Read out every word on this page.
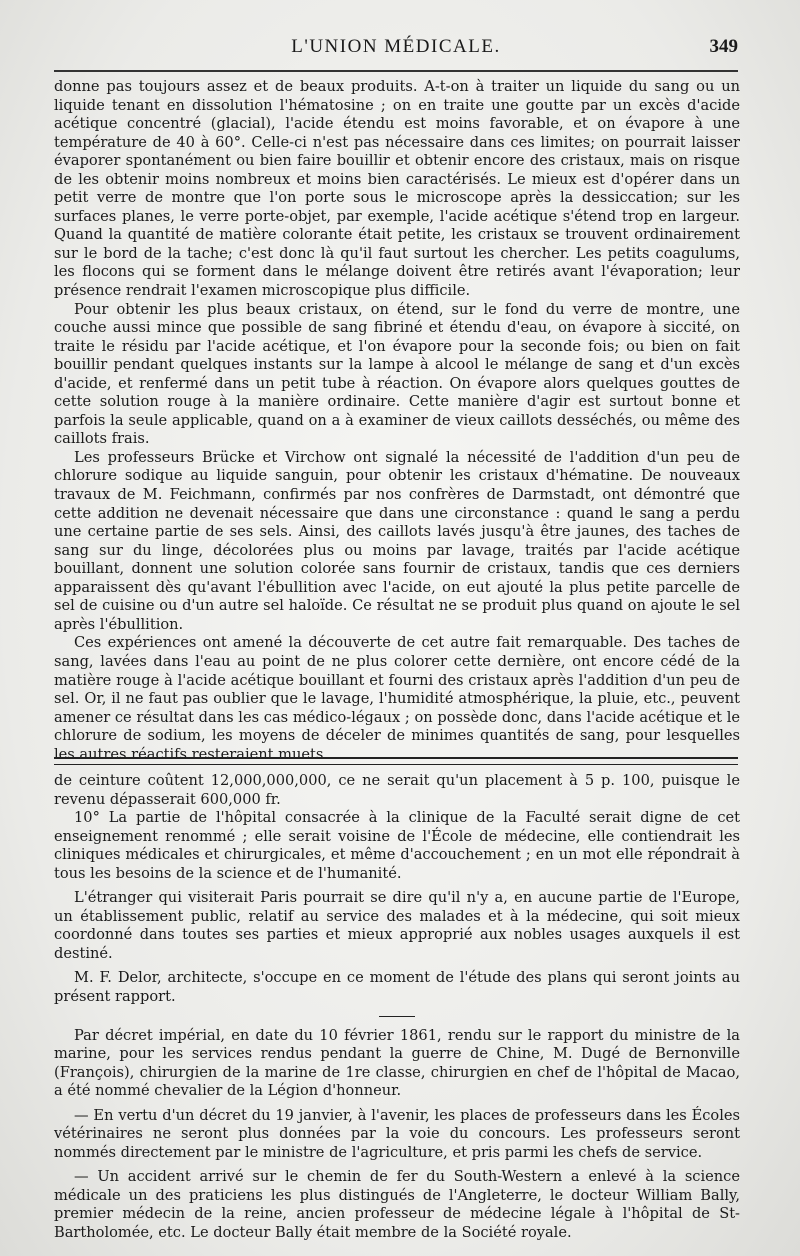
L'UNION MÉDICALE.	349

donne pas toujours assez et de beaux produits. A-t-on à traiter un liquide du sang ou un liquide tenant en dissolution l'hématosine ; on en traite une goutte par un excès d'acide acétique concentré (glacial), l'acide étendu est moins favorable, et on évapore à une température de 40 à 60°. Celle-ci n'est pas nécessaire dans ces limites; on pourrait laisser évaporer spontanément ou bien faire bouillir et obtenir encore des cristaux, mais on risque de les obtenir moins nombreux et moins bien caractérisés. Le mieux est d'opérer dans un petit verre de montre que l'on porte sous le microscope après la dessiccation; sur les surfaces planes, le verre porte-objet, par exemple, l'acide acétique s'étend trop en largeur. Quand la quantité de matière colorante était petite, les cristaux se trouvent ordinairement sur le bord de la tache; c'est donc là qu'il faut surtout les chercher. Les petits coagulums, les flocons qui se forment dans le mélange doivent être retirés avant l'évaporation; leur présence rendrait l'examen microscopique plus difficile.

Pour obtenir les plus beaux cristaux, on étend, sur le fond du verre de montre, une couche aussi mince que possible de sang fibriné et étendu d'eau, on évapore à siccité, on traite le résidu par l'acide acétique, et l'on évapore pour la seconde fois; ou bien on fait bouillir pendant quelques instants sur la lampe à alcool le mélange de sang et d'un excès d'acide, et renfermé dans un petit tube à réaction. On évapore alors quelques gouttes de cette solution rouge à la manière ordinaire. Cette manière d'agir est surtout bonne et parfois la seule applicable, quand on a à examiner de vieux caillots desséchés, ou même des caillots frais.

Les professeurs Brücke et Virchow ont signalé la nécessité de l'addition d'un peu de chlorure sodique au liquide sanguin, pour obtenir les cristaux d'hématine. De nouveaux travaux de M. Feichmann, confirmés par nos confrères de Darmstadt, ont démontré que cette addition ne devenait nécessaire que dans une circonstance : quand le sang a perdu une certaine partie de ses sels. Ainsi, des caillots lavés jusqu'à être jaunes, des taches de sang sur du linge, décolorées plus ou moins par lavage, traités par l'acide acétique bouillant, donnent une solution colorée sans fournir de cristaux, tandis que ces derniers apparaissent dès qu'avant l'ébullition avec l'acide, on eut ajouté la plus petite parcelle de sel de cuisine ou d'un autre sel haloïde. Ce résultat ne se produit plus quand on ajoute le sel après l'ébullition.

Ces expériences ont amené la découverte de cet autre fait remarquable. Des taches de sang, lavées dans l'eau au point de ne plus colorer cette dernière, ont encore cédé de la matière rouge à l'acide acétique bouillant et fourni des cristaux après l'addition d'un peu de sel. Or, il ne faut pas oublier que le lavage, l'humidité atmosphérique, la pluie, etc., peuvent amener ce résultat dans les cas médico-légaux ; on possède donc, dans l'acide acétique et le chlorure de sodium, les moyens de déceler de minimes quantités de sang, pour lesquelles les autres réactifs resteraient muets.

de ceinture coûtent 12,000,000,000, ce ne serait qu'un placement à 5 p. 100, puisque le revenu dépasserait 600,000 fr.

10° La partie de l'hôpital consacrée à la clinique de la Faculté serait digne de cet enseignement renommé ; elle serait voisine de l'École de médecine, elle contiendrait les cliniques médicales et chirurgicales, et même d'accouchement ; en un mot elle répondrait à tous les besoins de la science et de l'humanité.

L'étranger qui visiterait Paris pourrait se dire qu'il n'y a, en aucune partie de l'Europe, un établissement public, relatif au service des malades et à la médecine, qui soit mieux coordonné dans toutes ses parties et mieux approprié aux nobles usages auxquels il est destiné.

M. F. Delor, architecte, s'occupe en ce moment de l'étude des plans qui seront joints au présent rapport.

Par décret impérial, en date du 10 février 1861, rendu sur le rapport du ministre de la marine, pour les services rendus pendant la guerre de Chine, M. Dugé de Bernonville (François), chirurgien de la marine de 1re classe, chirurgien en chef de l'hôpital de Macao, a été nommé chevalier de la Légion d'honneur.

— En vertu d'un décret du 19 janvier, à l'avenir, les places de professeurs dans les Écoles vétérinaires ne seront plus données par la voie du concours. Les professeurs seront nommés directement par le ministre de l'agriculture, et pris parmi les chefs de service.

— Un accident arrivé sur le chemin de fer du South-Western a enlevé à la science médicale un des praticiens les plus distingués de l'Angleterre, le docteur William Bally, premier médecin de la reine, ancien professeur de médecine légale à l'hôpital de St-Bartholomée, etc. Le docteur Bally était membre de la Société royale.
